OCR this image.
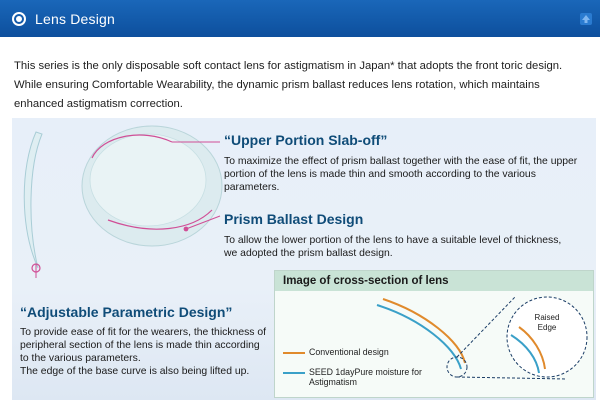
Lens Design

This series is the only disposable soft contact lens for astigmatism in Japan* that adopts the front toric design. While ensuring Comfortable Wearability, the dynamic prism ballast reduces lens rotation, which maintains enhanced astigmatism correction.

“Upper Portion Slab-off”
To maximize the effect of prism ballast together with the ease of fit, the upper portion of the lens is made thin and smooth according to the various parameters.
Prism Ballast Design
To allow the lower portion of the lens to have a suitable level of thickness, we adopted the prism ballast design.
“Adjustable Parametric Design”
To provide ease of fit for the wearers, the thickness of peripheral section of the lens is made thin according to the various parameters.
The edge of the base curve is also being lifted up.
Image of cross-section of lens
Raised Edge
Conventional design
SEED 1dayPure moisture for Astigmatism
